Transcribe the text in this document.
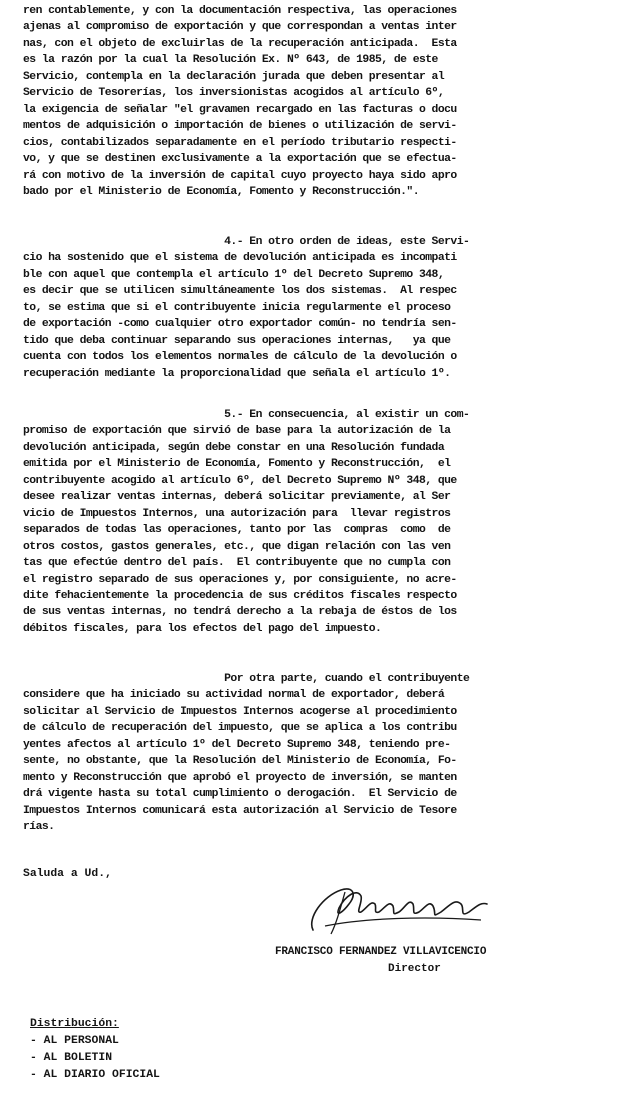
ren contablemente, y con la documentación respectiva, las operaciones
ajenas al compromiso de exportación y que correspondan a ventas inter
nas, con el objeto de excluirlas de la recuperación anticipada.  Esta
es la razón por la cual la Resolución Ex. Nº 643, de 1985, de este
Servicio, contempla en la declaración jurada que deben presentar al
Servicio de Tesorerías, los inversionistas acogidos al artículo 6º,
la exigencia de señalar "el gravamen recargado en las facturas o docu
mentos de adquisición o importación de bienes o utilización de servi-
cios, contabilizados separadamente en el período tributario respecti-
vo, y que se destinen exclusivamente a la exportación que se efectua-
rá con motivo de la inversión de capital cuyo proyecto haya sido apro
bado por el Ministerio de Economía, Fomento y Reconstrucción.".
4.- En otro orden de ideas, este Servi-
cio ha sostenido que el sistema de devolución anticipada es incompati
ble con aquel que contempla el artículo 1º del Decreto Supremo 348,
es decir que se utilicen simultáneamente los dos sistemas.  Al respec
to, se estima que si el contribuyente inicia regularmente el proceso
de exportación -como cualquier otro exportador común- no tendría sen-
tido que deba continuar separando sus operaciones internas,   ya que
cuenta con todos los elementos normales de cálculo de la devolución o
recuperación mediante la proporcionalidad que señala el artículo 1º.
5.- En consecuencia, al existir un com-
promiso de exportación que sirvió de base para la autorización de la
devolución anticipada, según debe constar en una Resolución fundada
emitida por el Ministerio de Economía, Fomento y Reconstrucción,  el
contribuyente acogido al artículo 6º, del Decreto Supremo Nº 348, que
desee realizar ventas internas, deberá solicitar previamente, al Ser
vicio de Impuestos Internos, una autorización para  llevar registros
separados de todas las operaciones, tanto por las  compras  como  de
otros costos, gastos generales, etc., que digan relación con las ven
tas que efectúe dentro del país.  El contribuyente que no cumpla con
el registro separado de sus operaciones y, por consiguiente, no acre-
dite fehacientemente la procedencia de sus créditos fiscales respecto
de sus ventas internas, no tendrá derecho a la rebaja de éstos de los
débitos fiscales, para los efectos del pago del impuesto.
Por otra parte, cuando el contribuyente
considere que ha iniciado su actividad normal de exportador, deberá
solicitar al Servicio de Impuestos Internos acogerse al procedimiento
de cálculo de recuperación del impuesto, que se aplica a los contribu
yentes afectos al artículo 1º del Decreto Supremo 348, teniendo pre-
sente, no obstante, que la Resolución del Ministerio de Economía, Fo-
mento y Reconstrucción que aprobó el proyecto de inversión, se manten
drá vigente hasta su total cumplimiento o derogación.  El Servicio de
Impuestos Internos comunicará esta autorización al Servicio de Tesore
rías.
Saluda a Ud.,
FRANCISCO FERNANDEZ VILLAVICENCIO
Director
Distribución:
- AL PERSONAL
- AL BOLETIN
- AL DIARIO OFICIAL
